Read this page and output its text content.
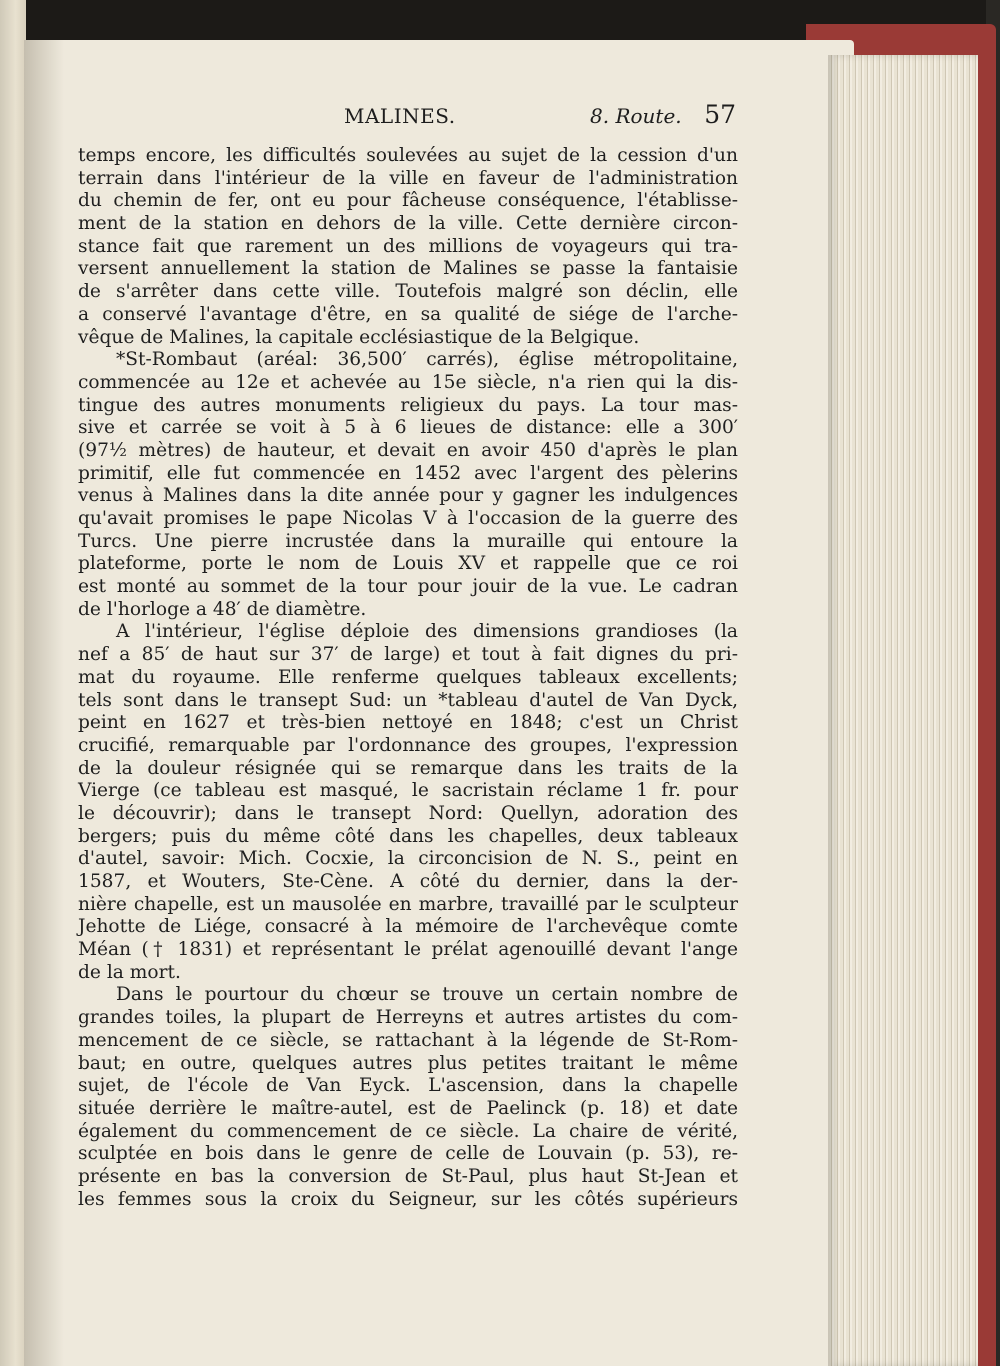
MALINES.	8. Route. 57
temps encore, les difficultés soulevées au sujet de la cession d'un
terrain dans l'intérieur de la ville en faveur de l'administration
du chemin de fer, ont eu pour fâcheuse conséquence, l'établisse-
ment de la station en dehors de la ville. Cette dernière circon-
stance fait que rarement un des millions de voyageurs qui tra-
versent annuellement la station de Malines se passe la fantaisie
de s'arrêter dans cette ville. Toutefois malgré son déclin, elle
a conservé l'avantage d'être, en sa qualité de siége de l'arche-
vêque de Malines, la capitale ecclésiastique de la Belgique.
*St-Rombaut (aréal: 36,500′ carrés), église métropolitaine,
commencée au 12e et achevée au 15e siècle, n'a rien qui la dis-
tingue des autres monuments religieux du pays. La tour mas-
sive et carrée se voit à 5 à 6 lieues de distance: elle a 300′
(97½ mètres) de hauteur, et devait en avoir 450 d'après le plan
primitif, elle fut commencée en 1452 avec l'argent des pèlerins
venus à Malines dans la dite année pour y gagner les indulgences
qu'avait promises le pape Nicolas V à l'occasion de la guerre des
Turcs. Une pierre incrustée dans la muraille qui entoure la
plateforme, porte le nom de Louis XV et rappelle que ce roi
est monté au sommet de la tour pour jouir de la vue. Le cadran
de l'horloge a 48′ de diamètre.
A l'intérieur, l'église déploie des dimensions grandioses (la
nef a 85′ de haut sur 37′ de large) et tout à fait dignes du pri-
mat du royaume. Elle renferme quelques tableaux excellents;
tels sont dans le transept Sud: un *tableau d'autel de Van Dyck,
peint en 1627 et très-bien nettoyé en 1848; c'est un Christ
crucifié, remarquable par l'ordonnance des groupes, l'expression
de la douleur résignée qui se remarque dans les traits de la
Vierge (ce tableau est masqué, le sacristain réclame 1 fr. pour
le découvrir); dans le transept Nord: Quellyn, adoration des
bergers; puis du même côté dans les chapelles, deux tableaux
d'autel, savoir: Mich. Cocxie, la circoncision de N. S., peint en
1587, et Wouters, Ste-Cène. A côté du dernier, dans la der-
nière chapelle, est un mausolée en marbre, travaillé par le sculpteur
Jehotte de Liége, consacré à la mémoire de l'archevêque comte
Méan († 1831) et représentant le prélat agenouillé devant l'ange
de la mort.
Dans le pourtour du chœur se trouve un certain nombre de
grandes toiles, la plupart de Herreyns et autres artistes du com-
mencement de ce siècle, se rattachant à la légende de St-Rom-
baut; en outre, quelques autres plus petites traitant le même
sujet, de l'école de Van Eyck. L'ascension, dans la chapelle
située derrière le maître-autel, est de Paelinck (p. 18) et date
également du commencement de ce siècle. La chaire de vérité,
sculptée en bois dans le genre de celle de Louvain (p. 53), re-
présente en bas la conversion de St-Paul, plus haut St-Jean et
les femmes sous la croix du Seigneur, sur les côtés supérieurs
